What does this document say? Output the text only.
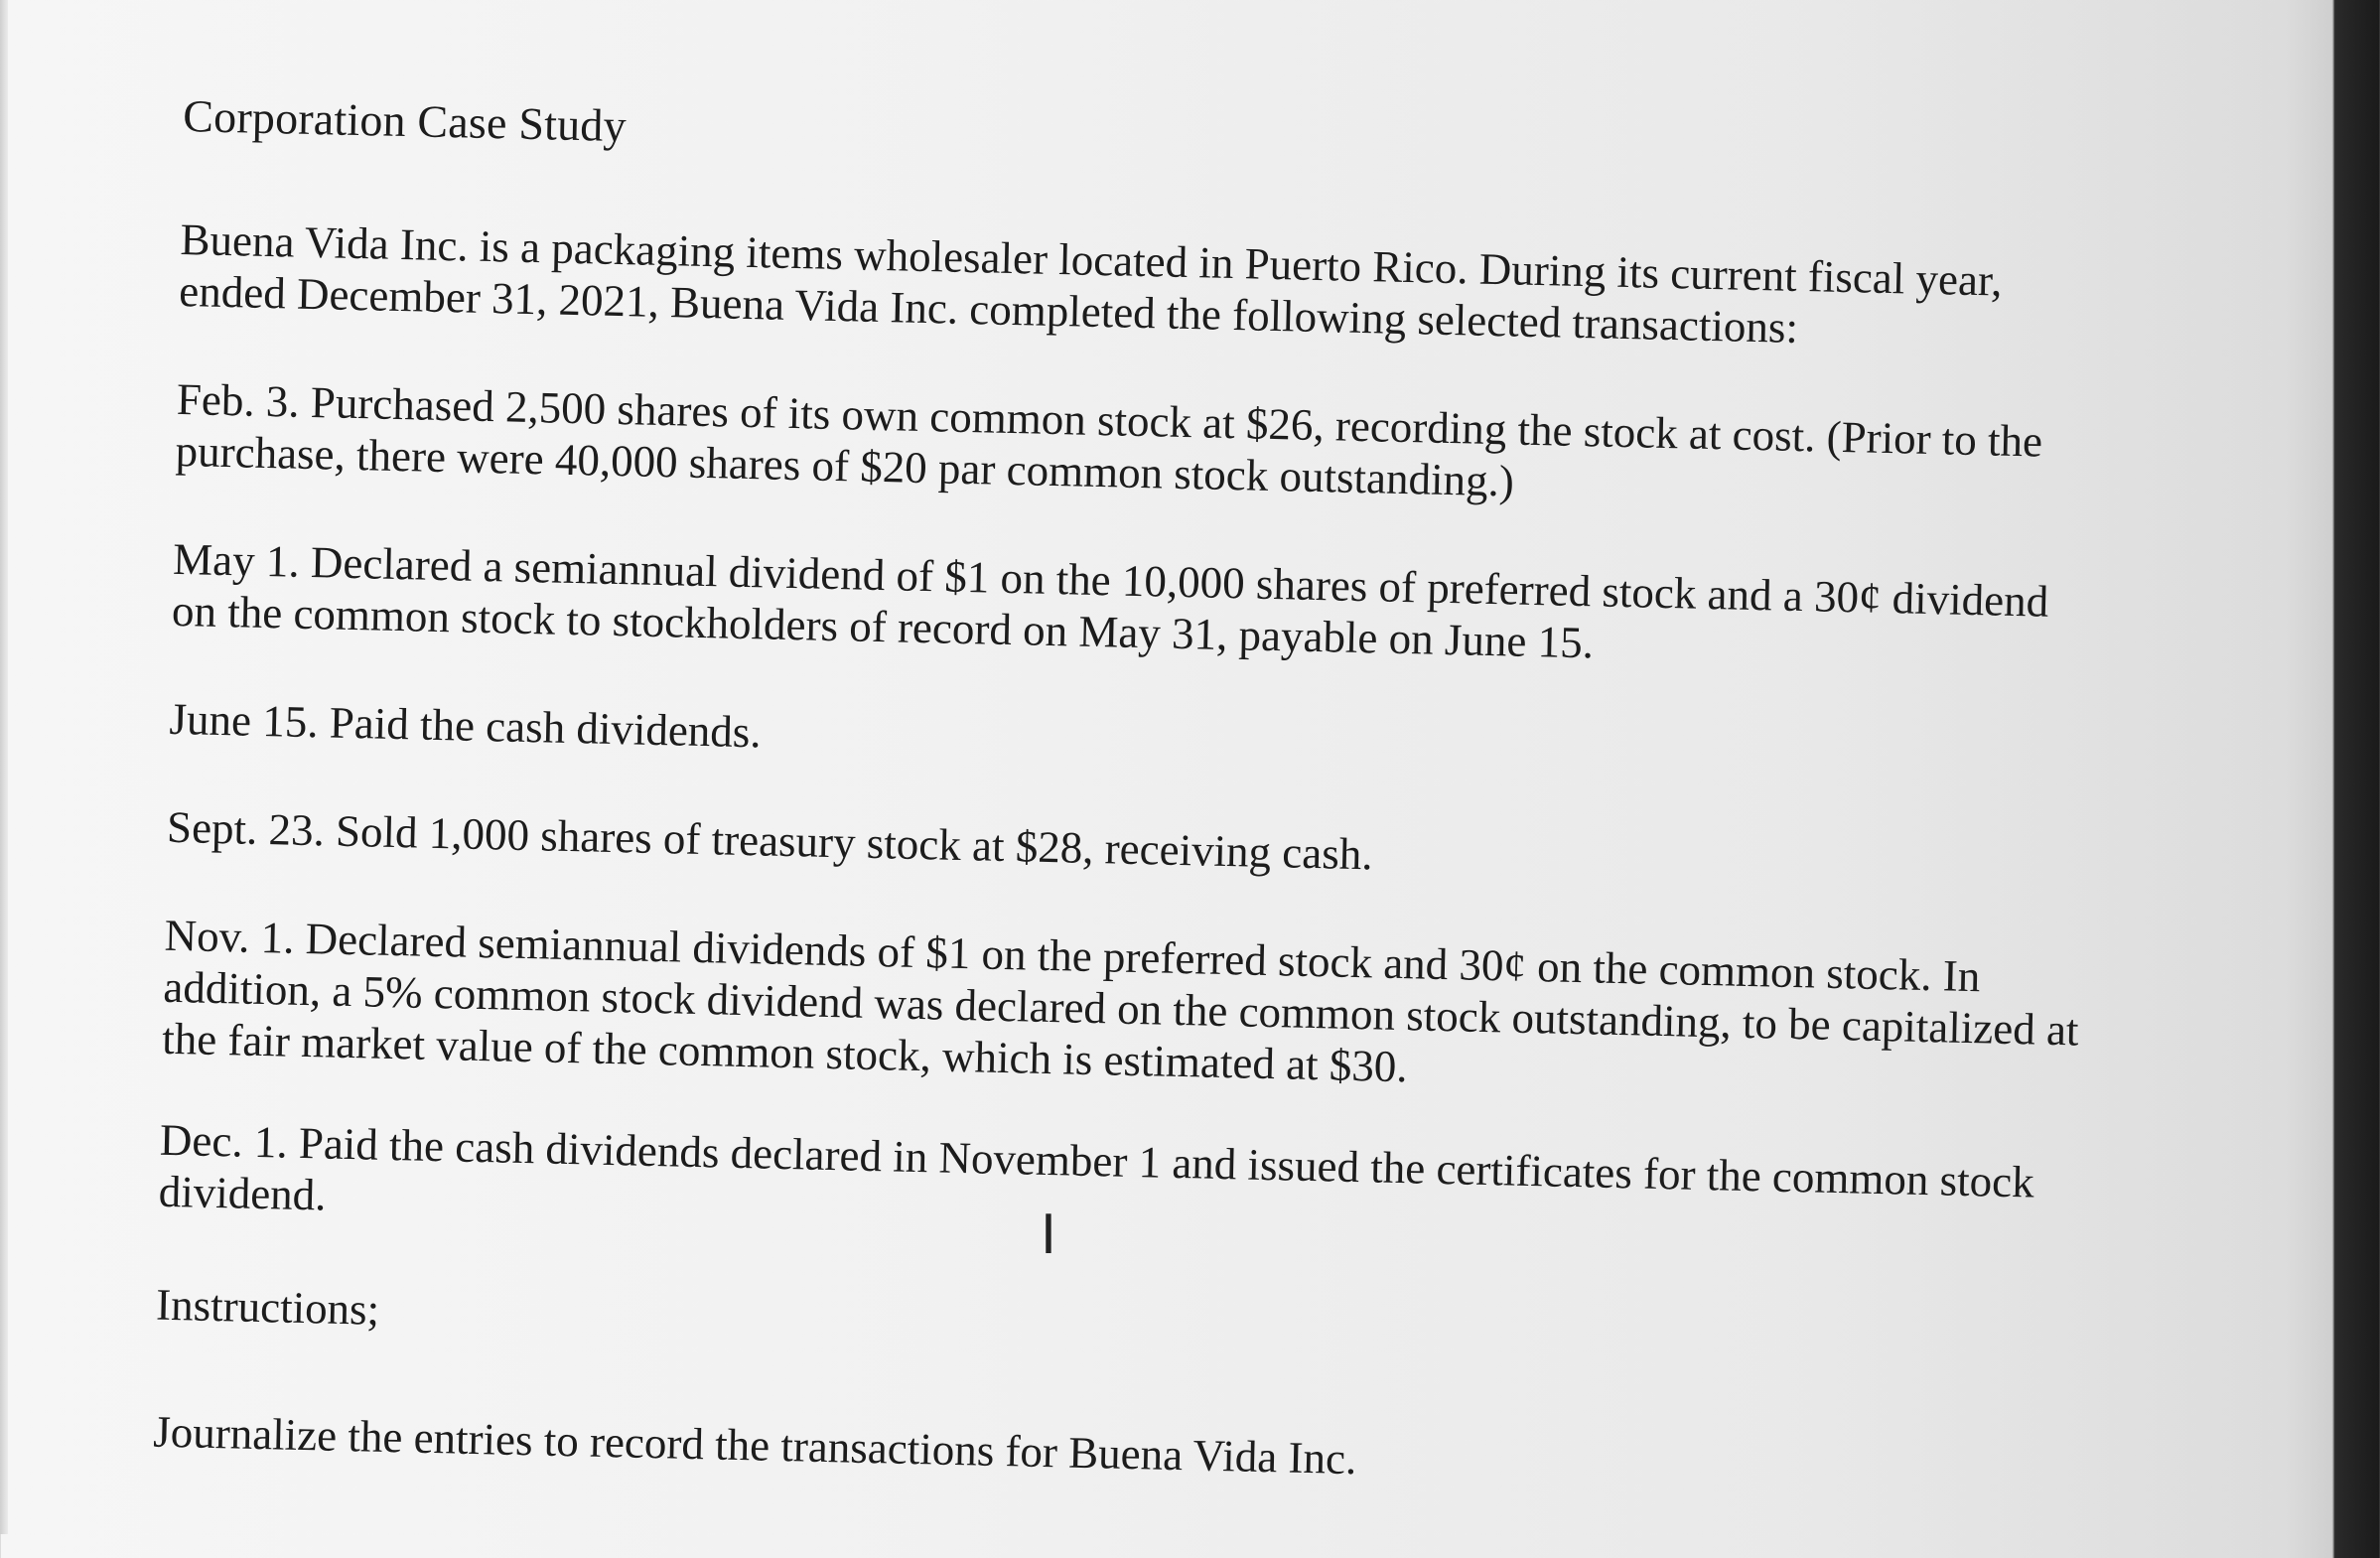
Corporation Case Study
Buena Vida Inc. is a packaging items wholesaler located in Puerto Rico. During its current fiscal year, ended December 31, 2021, Buena Vida Inc. completed the following selected transactions:
Feb. 3. Purchased 2,500 shares of its own common stock at $26, recording the stock at cost. (Prior to the purchase, there were 40,000 shares of $20 par common stock outstanding.)
May 1. Declared a semiannual dividend of $1 on the 10,000 shares of preferred stock and a 30¢ dividend on the common stock to stockholders of record on May 31, payable on June 15.
June 15. Paid the cash dividends.
Sept. 23. Sold 1,000 shares of treasury stock at $28, receiving cash.
Nov. 1. Declared semiannual dividends of $1 on the preferred stock and 30¢ on the common stock. In addition, a 5% common stock dividend was declared on the common stock outstanding, to be capitalized at the fair market value of the common stock, which is estimated at $30.
Dec. 1. Paid the cash dividends declared in November 1 and issued the certificates for the common stock dividend.
Instructions;
Journalize the entries to record the transactions for Buena Vida Inc.
I
